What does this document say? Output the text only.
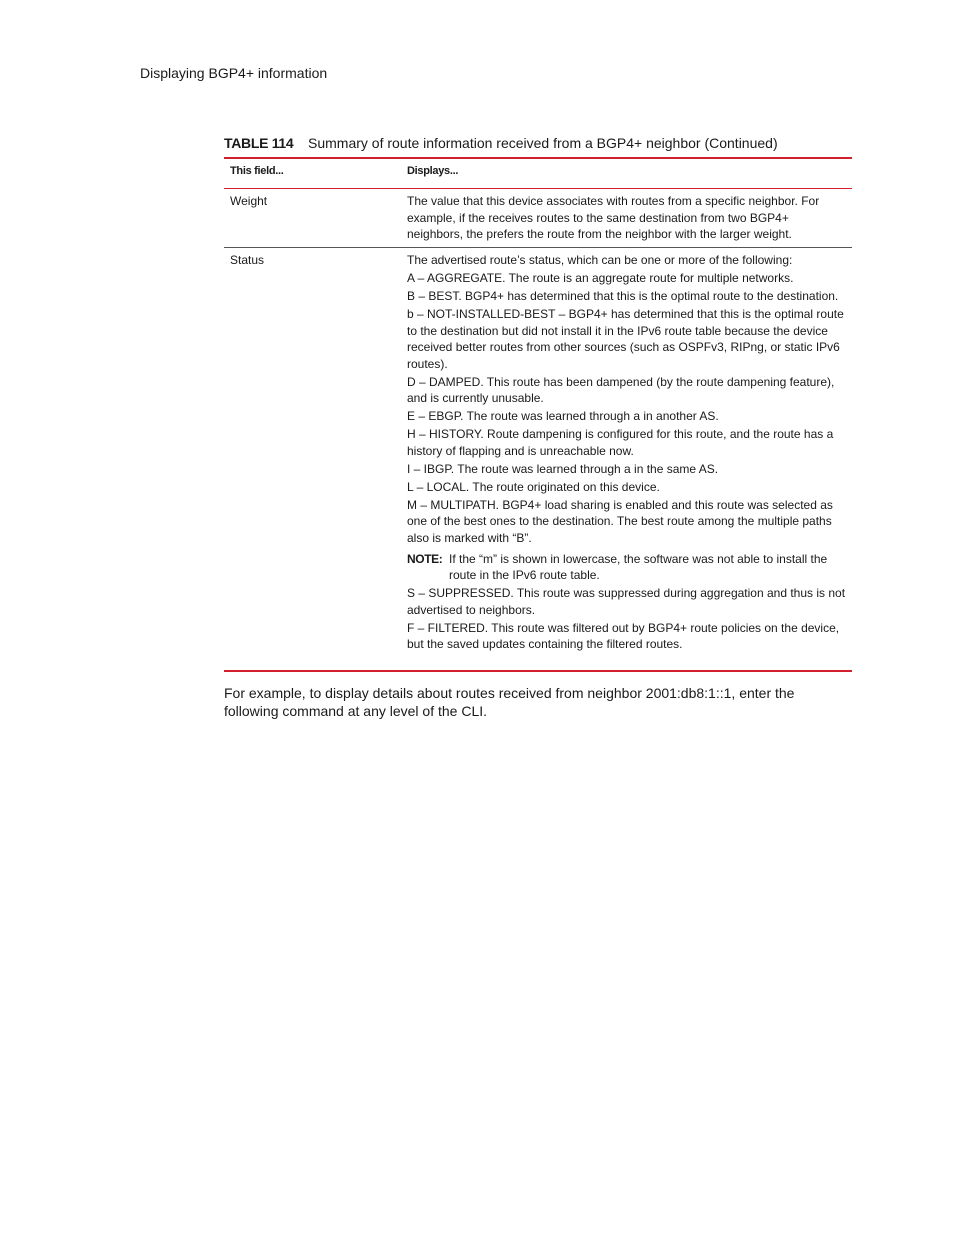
Displaying BGP4+ information
TABLE 114 Summary of route information received from a BGP4+ neighbor (Continued)
This field...	Displays...
Weight	The value that this device associates with routes from a specific neighbor. For example, if the receives routes to the same destination from two BGP4+ neighbors, the prefers the route from the neighbor with the larger weight.

Status	The advertised route’s status, which can be one or more of the following:

A – AGGREGATE. The route is an aggregate route for multiple networks.

B – BEST. BGP4+ has determined that this is the optimal route to the destination.

b – NOT-INSTALLED-BEST – BGP4+ has determined that this is the optimal route to the destination but did not install it in the IPv6 route table because the device received better routes from other sources (such as OSPFv3, RIPng, or static IPv6 routes).

D – DAMPED. This route has been dampened (by the route dampening feature), and is currently unusable.

E – EBGP. The route was learned through a in another AS.

H – HISTORY. Route dampening is configured for this route, and the route has a history of flapping and is unreachable now.

I – IBGP. The route was learned through a in the same AS.

L – LOCAL. The route originated on this device.

M – MULTIPATH. BGP4+ load sharing is enabled and this route was selected as one of the best ones to the destination. The best route among the multiple paths also is marked with “B”.

NOTE: If the “m” is shown in lowercase, the software was not able to install the route in the IPv6 route table.

S – SUPPRESSED. This route was suppressed during aggregation and thus is not advertised to neighbors.

F – FILTERED. This route was filtered out by BGP4+ route policies on the device, but the saved updates containing the filtered routes.

For example, to display details about routes received from neighbor 2001:db8:1::1, enter the following command at any level of the CLI.
